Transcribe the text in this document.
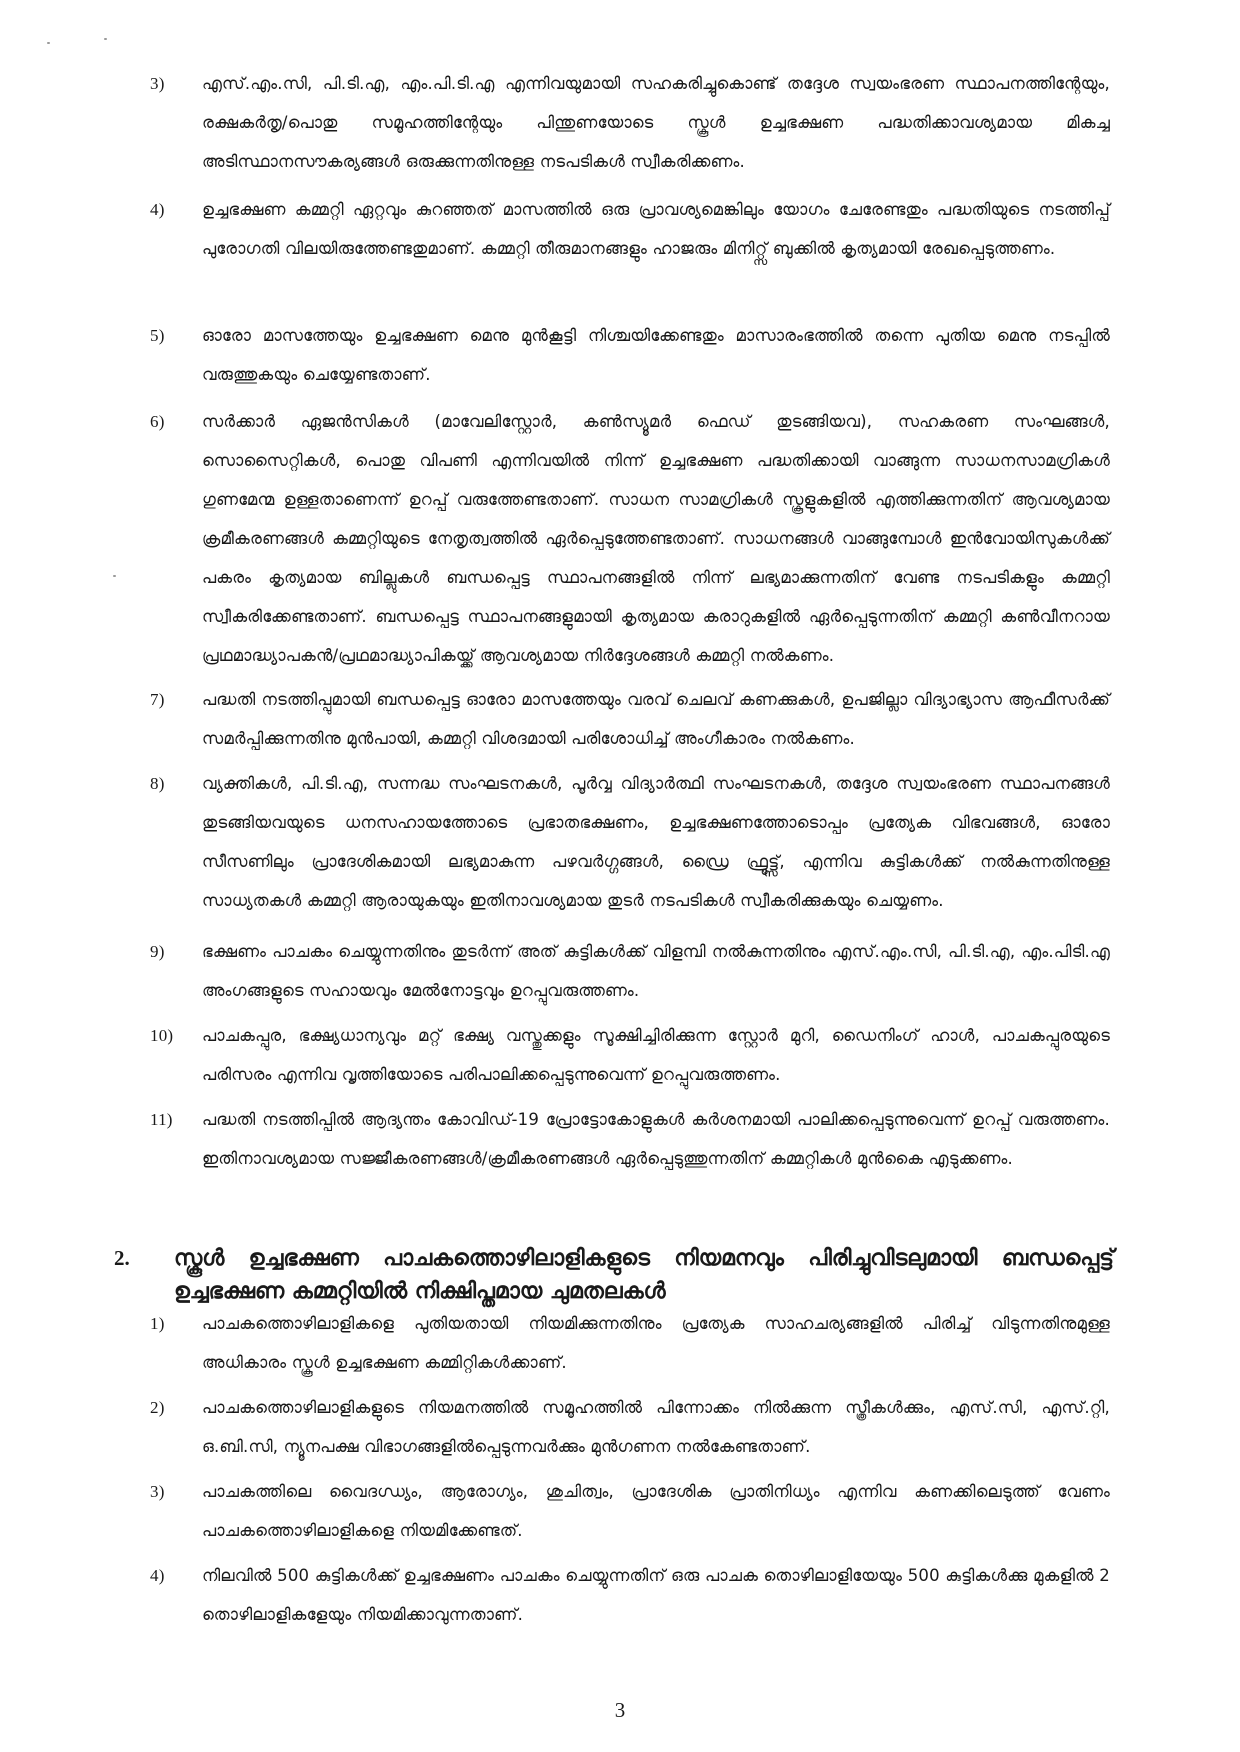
3)	എസ്.എം.സി, പി.ടി.എ, എം.പി.ടി.എ എന്നിവയുമായി സഹകരിച്ചുകൊണ്ട് തദ്ദേശ സ്വയംഭരണ സ്ഥാപനത്തിന്റേയും, രക്ഷകർതൃ/പൊതു സമൂഹത്തിന്റേയും പിന്തുണയോടെ സ്കൂൾ ഉച്ചഭക്ഷണ പദ്ധതിക്കാവശ്യമായ മികച്ച അടിസ്ഥാനസൗകര്യങ്ങൾ ഒരുക്കുന്നതിനുള്ള നടപടികൾ സ്വീകരിക്കണം.
4)	ഉച്ചഭക്ഷണ കമ്മറ്റി ഏറ്റവും കുറഞ്ഞത് മാസത്തിൽ ഒരു പ്രാവശ്യമെങ്കിലും യോഗം ചേരേണ്ടതും പദ്ധതിയുടെ നടത്തിപ്പ് പുരോഗതി വിലയിരുത്തേണ്ടതുമാണ്. കമ്മറ്റി തീരുമാനങ്ങളും ഹാജരും മിനിറ്റ്സ് ബുക്കിൽ കൃത്യമായി രേഖപ്പെടുത്തണം.
5)	ഓരോ മാസത്തേയും ഉച്ചഭക്ഷണ മെനു മുൻകൂട്ടി നിശ്ചയിക്കേണ്ടതും മാസാരംഭത്തിൽ തന്നെ പുതിയ മെനു നടപ്പിൽ വരുത്തുകയും ചെയ്യേണ്ടതാണ്.
6)	സർക്കാർ ഏജൻസികൾ (മാവേലിസ്റ്റോർ, കൺസ്യൂമർ ഫെഡ് തുടങ്ങിയവ), സഹകരണ സംഘങ്ങൾ, സൊസൈറ്റികൾ, പൊതു വിപണി എന്നിവയിൽ നിന്ന് ഉച്ചഭക്ഷണ പദ്ധതിക്കായി വാങ്ങുന്ന സാധനസാമഗ്രികൾ ഗുണമേന്മ ഉള്ളതാണെന്ന് ഉറപ്പ് വരുത്തേണ്ടതാണ്. സാധന സാമഗ്രികൾ സ്കൂളുകളിൽ എത്തിക്കുന്നതിന് ആവശ്യമായ ക്രമീകരണങ്ങൾ കമ്മറ്റിയുടെ നേതൃത്വത്തിൽ ഏർപ്പെടുത്തേണ്ടതാണ്. സാധനങ്ങൾ വാങ്ങുമ്പോൾ ഇൻവോയിസുകൾക്ക് പകരം കൃത്യമായ ബില്ലുകൾ ബന്ധപ്പെട്ട സ്ഥാപനങ്ങളിൽ നിന്ന് ലഭ്യമാക്കുന്നതിന് വേണ്ട നടപടികളും കമ്മറ്റി സ്വീകരിക്കേണ്ടതാണ്. ബന്ധപ്പെട്ട സ്ഥാപനങ്ങളുമായി കൃത്യമായ കരാറുകളിൽ ഏർപ്പെടുന്നതിന് കമ്മറ്റി കൺവീനറായ പ്രഥമാദ്ധ്യാപകൻ/പ്രഥമാദ്ധ്യാപികയ്ക്ക് ആവശ്യമായ നിർദ്ദേശങ്ങൾ കമ്മറ്റി നൽകണം.
7)	പദ്ധതി നടത്തിപ്പുമായി ബന്ധപ്പെട്ട ഓരോ മാസത്തേയും വരവ് ചെലവ് കണക്കുകൾ, ഉപജില്ലാ വിദ്യാഭ്യാസ ആഫീസർക്ക് സമർപ്പിക്കുന്നതിനു മുൻപായി, കമ്മറ്റി വിശദമായി പരിശോധിച്ച് അംഗീകാരം നൽകണം.
8)	വ്യക്തികൾ, പി.ടി.എ, സന്നദ്ധ സംഘടനകൾ, പൂർവ്വ വിദ്യാർത്ഥി സംഘടനകൾ, തദ്ദേശ സ്വയംഭരണ സ്ഥാപനങ്ങൾ തുടങ്ങിയവയുടെ ധനസഹായത്തോടെ പ്രഭാതഭക്ഷണം, ഉച്ചഭക്ഷണത്തോടൊപ്പം പ്രത്യേക വിഭവങ്ങൾ, ഓരോ സീസണിലും പ്രാദേശികമായി ലഭ്യമാകുന്ന പഴവർഗ്ഗങ്ങൾ, ഡ്രൈ ഫ്രൂട്ട്സ്, എന്നിവ കുട്ടികൾക്ക് നൽകുന്നതിനുള്ള സാധ്യതകൾ കമ്മറ്റി ആരായുകയും ഇതിനാവശ്യമായ തുടർ നടപടികൾ സ്വീകരിക്കുകയും ചെയ്യണം.
9)	ഭക്ഷണം പാചകം ചെയ്യുന്നതിനും തുടർന്ന് അത് കുട്ടികൾക്ക് വിളമ്പി നൽകുന്നതിനും എസ്.എം.സി, പി.ടി.എ, എം.പിടി.എ അംഗങ്ങളുടെ സഹായവും മേൽനോട്ടവും ഉറപ്പുവരുത്തണം.
10)	പാചകപ്പുര, ഭക്ഷ്യധാന്യവും മറ്റ് ഭക്ഷ്യ വസ്തുക്കളും സൂക്ഷിച്ചിരിക്കുന്ന സ്റ്റോർ മുറി, ഡൈനിംഗ് ഹാൾ, പാചകപ്പുരയുടെ പരിസരം എന്നിവ വൃത്തിയോടെ പരിപാലിക്കപ്പെടുന്നുവെന്ന് ഉറപ്പുവരുത്തണം.
11)	പദ്ധതി നടത്തിപ്പിൽ ആദ്യന്തം കോവിഡ്-19 പ്രോട്ടോകോളുകൾ കർശനമായി പാലിക്കപ്പെടുന്നുവെന്ന് ഉറപ്പ് വരുത്തണം. ഇതിനാവശ്യമായ സജ്ജീകരണങ്ങൾ/ക്രമീകരണങ്ങൾ ഏർപ്പെടുത്തുന്നതിന് കമ്മറ്റികൾ മുൻകൈ എടുക്കണം.
2. സ്കൂൾ ഉച്ചഭക്ഷണ പാചകത്തൊഴിലാളികളുടെ നിയമനവും പിരിച്ചുവിടലുമായി ബന്ധപ്പെട്ട് ഉച്ചഭക്ഷണ കമ്മറ്റിയിൽ നിക്ഷിപ്തമായ ചുമതലകൾ
1)	പാചകത്തൊഴിലാളികളെ പുതിയതായി നിയമിക്കുന്നതിനും പ്രത്യേക സാഹചര്യങ്ങളിൽ പിരിച്ച് വിടുന്നതിനുമുള്ള അധികാരം സ്കൂൾ ഉച്ചഭക്ഷണ കമ്മിറ്റികൾക്കാണ്.
2)	പാചകത്തൊഴിലാളികളുടെ നിയമനത്തിൽ സമൂഹത്തിൽ പിന്നോക്കം നിൽക്കുന്ന സ്ത്രീകൾക്കും, എസ്.സി, എസ്.റ്റി, ഒ.ബി.സി, ന്യൂനപക്ഷ വിഭാഗങ്ങളിൽപ്പെടുന്നവർക്കും മുൻഗണന നൽകേണ്ടതാണ്.
3)	പാചകത്തിലെ വൈദഗ്ധ്യം, ആരോഗ്യം, ശുചിത്വം, പ്രാദേശിക പ്രാതിനിധ്യം എന്നിവ കണക്കിലെടുത്ത് വേണം പാചകത്തൊഴിലാളികളെ നിയമിക്കേണ്ടത്.
4)	നിലവിൽ 500 കുട്ടികൾക്ക് ഉച്ചഭക്ഷണം പാചകം ചെയ്യുന്നതിന് ഒരു പാചക തൊഴിലാളിയേയും 500 കുട്ടികൾക്കു മുകളിൽ 2 തൊഴിലാളികളേയും നിയമിക്കാവുന്നതാണ്.
3
